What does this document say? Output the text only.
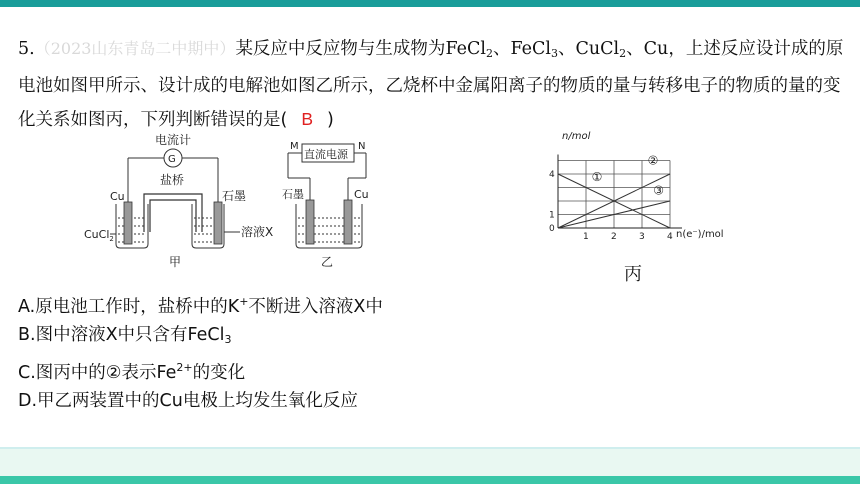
5.（2023山东青岛二中期中）某反应中反应物与生成物为FeCl$_2$、FeCl$_3$、CuCl$_2$、Cu，上述反应设计成的原电池如图甲所示、设计成的电解池如图乙所示，乙烧杯中金属阳离子的物质的量与转移电子的物质的量的变化关系如图丙，下列判断错误的是( B )
电流计
G
盐桥
Cu	石墨
CuCl$_2$	溶液X
甲
直流电源
M	N
石墨	Cu
乙
①
②
③
1 2 3 4
0
1
4
n/mol
n(e⁻)/mol
丙
A.原电池工作时，盐桥中的K+不断进入溶液X中
B.图中溶液X中只含有FeCl$_3$
C.图丙中的②表示$Fe^{2+}$的变化
D.甲乙两装置中的Cu电极上均发生氧化反应
